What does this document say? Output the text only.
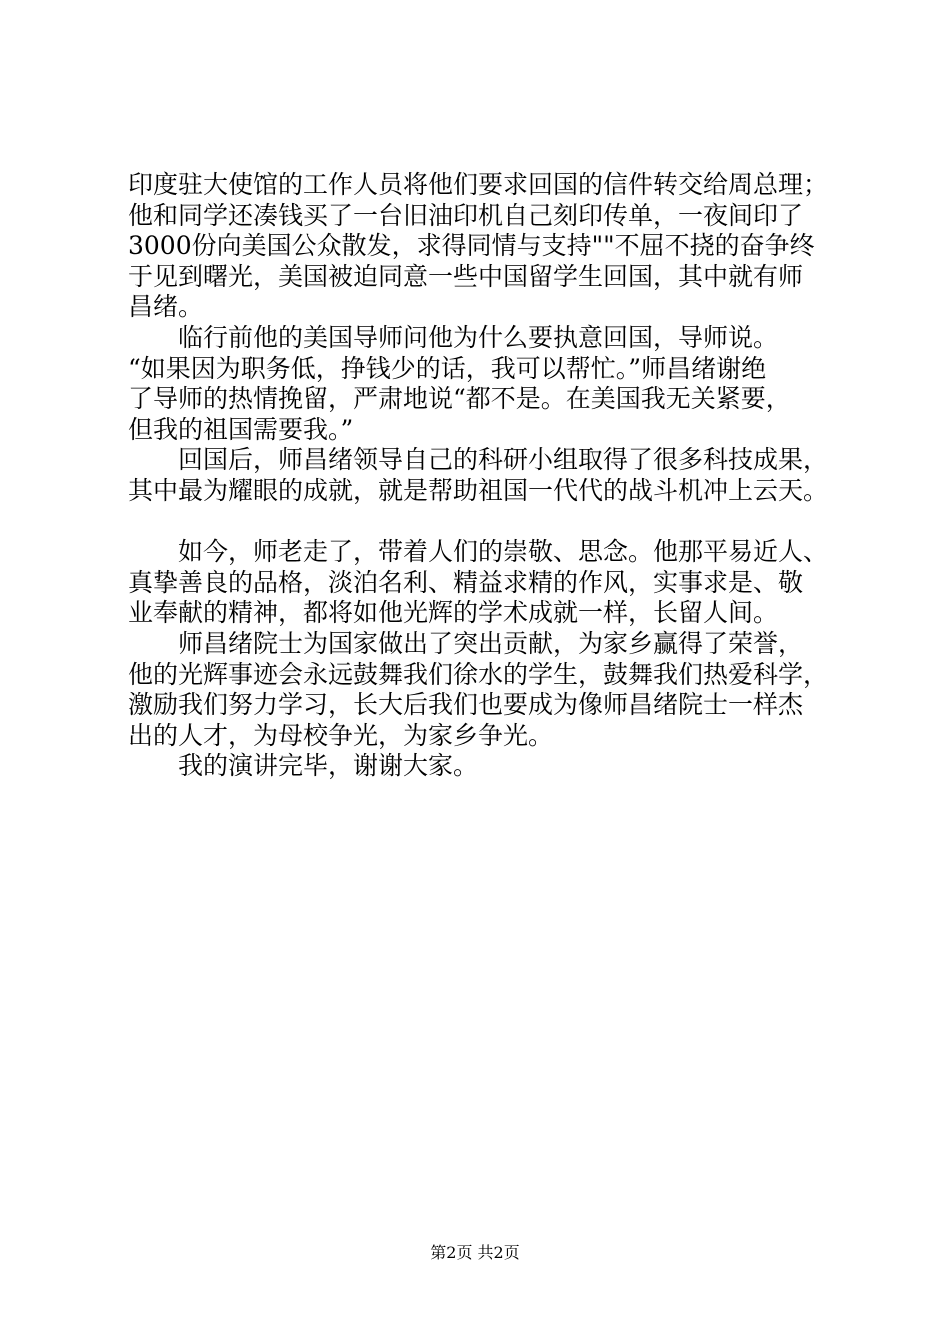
印度驻大使馆的工作人员将他们要求回国的信件转交给周总理；
他和同学还凑钱买了一台旧油印机自己刻印传单，一夜间印了
3000份向美国公众散发，求得同情与支持""不屈不挠的奋争终
于见到曙光，美国被迫同意一些中国留学生回国，其中就有师
昌绪。
　　临行前他的美国导师问他为什么要执意回国，导师说。
“如果因为职务低，挣钱少的话，我可以帮忙。”师昌绪谢绝
了导师的热情挽留，严肃地说“都不是。在美国我无关紧要，
但我的祖国需要我。”
　　回国后，师昌绪领导自己的科研小组取得了很多科技成果，
其中最为耀眼的成就，就是帮助祖国一代代的战斗机冲上云天。
　　如今，师老走了，带着人们的崇敬、思念。他那平易近人、
真挚善良的品格，淡泊名利、精益求精的作风，实事求是、敬
业奉献的精神，都将如他光辉的学术成就一样，长留人间。
　　师昌绪院士为国家做出了突出贡献，为家乡赢得了荣誉，
他的光辉事迹会永远鼓舞我们徐水的学生，鼓舞我们热爱科学，
激励我们努力学习，长大后我们也要成为像师昌绪院士一样杰
出的人才，为母校争光，为家乡争光。
　　我的演讲完毕，谢谢大家。
第2页 共2页
